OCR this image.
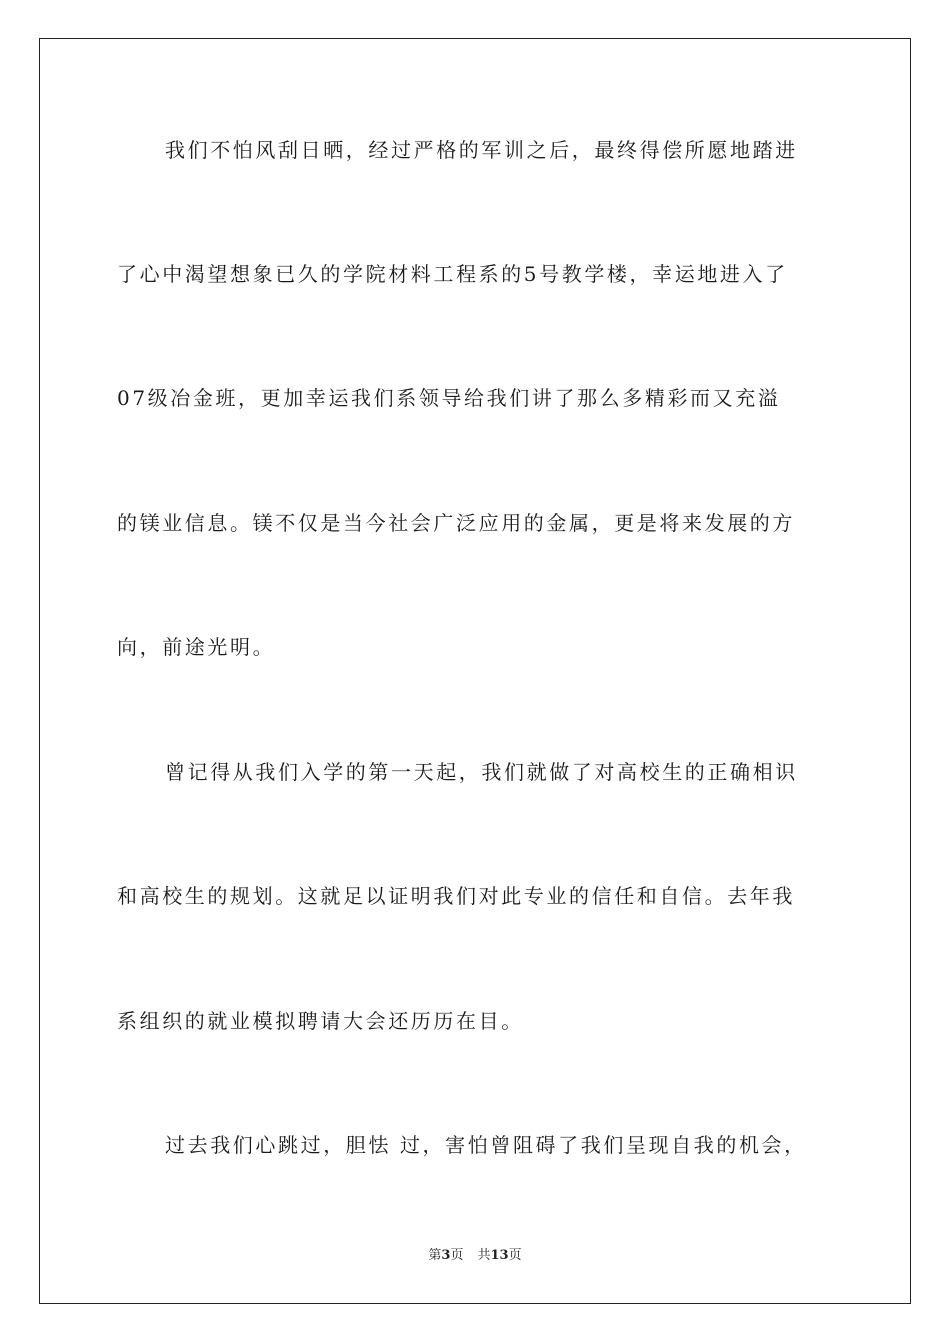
我们不怕风刮日晒，经过严格的军训之后，最终得偿所愿地踏进
了心中渴望想象已久的学院材料工程系的5号教学楼，幸运地进入了
07级冶金班，更加幸运我们系领导给我们讲了那么多精彩而又充溢
的镁业信息。镁不仅是当今社会广泛应用的金属，更是将来发展的方
向，前途光明。
曾记得从我们入学的第一天起，我们就做了对高校生的正确相识
和高校生的规划。这就足以证明我们对此专业的信任和自信。去年我
系组织的就业模拟聘请大会还历历在目。
过去我们心跳过，胆怯 过，害怕曾阻碍了我们呈现自我的机会，
第3页 共13页
